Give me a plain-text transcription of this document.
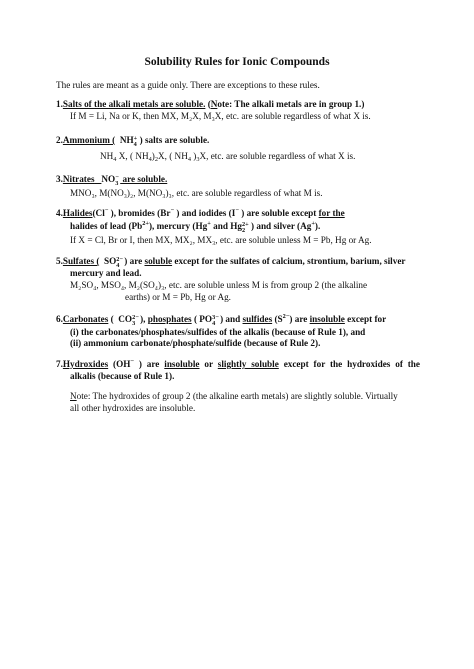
Solubility Rules for Ionic Compounds
The rules are meant as a guide only. There are exceptions to these rules.
1.Salts of the alkali metals are soluble. (Note: The alkali metals are in group 1.)
If M = Li, Na or K, then MX, M₂X, M₃X, etc. are soluble regardless of what X is.
2.Ammonium ( NH +
4 ) salts are soluble.
$NH_4$ X, ( $NH_4)_2X$, ( $NH_4$ )$_3X$, etc. are soluble regardless of what X is.
3.Nitrates NO −
3 are soluble.
MNO₃, M(NO₃)₂, M(NO₃)₃, etc. are soluble regardless of what M is.
4.Halides(Cl− ), bromides (Br− ) and iodides (I− ) are soluble except for the
halides of lead $(Pb^{2+})$, mercury (Hg+ and Hg 2+
2 ) and silver (Ag+).
If X = Cl, Br or I, then MX, MX₂, MX₃, etc. are soluble unless M = Pb, Hg or Ag.
5.Sulfates ( SO 2−
4 ) are soluble except for the sulfates of calcium, strontium, barium, silver
mercury and lead.
M₂SO₄, MSO₄, M₂(SO₄)₃, etc. are soluble unless M is from group 2 (the alkaline
earths) or M = Pb, Hg or Ag.
6.Carbonates ( CO 2−
3 ), phosphates ( PO 3−
4 ) and sulfides $(S^{2-})$ are insoluble except for
(i) the carbonates/phosphates/sulfides of the alkalis (because of Rule 1), and
(ii) ammonium carbonate/phosphate/sulfide (because of Rule 2).
7.Hydroxides (OH− ) are insoluble or slightly soluble except for the hydroxides of the
alkalis (because of Rule 1).
Note: The hydroxides of group 2 (the alkaline earth metals) are slightly soluble. Virtually
all other hydroxides are insoluble.
